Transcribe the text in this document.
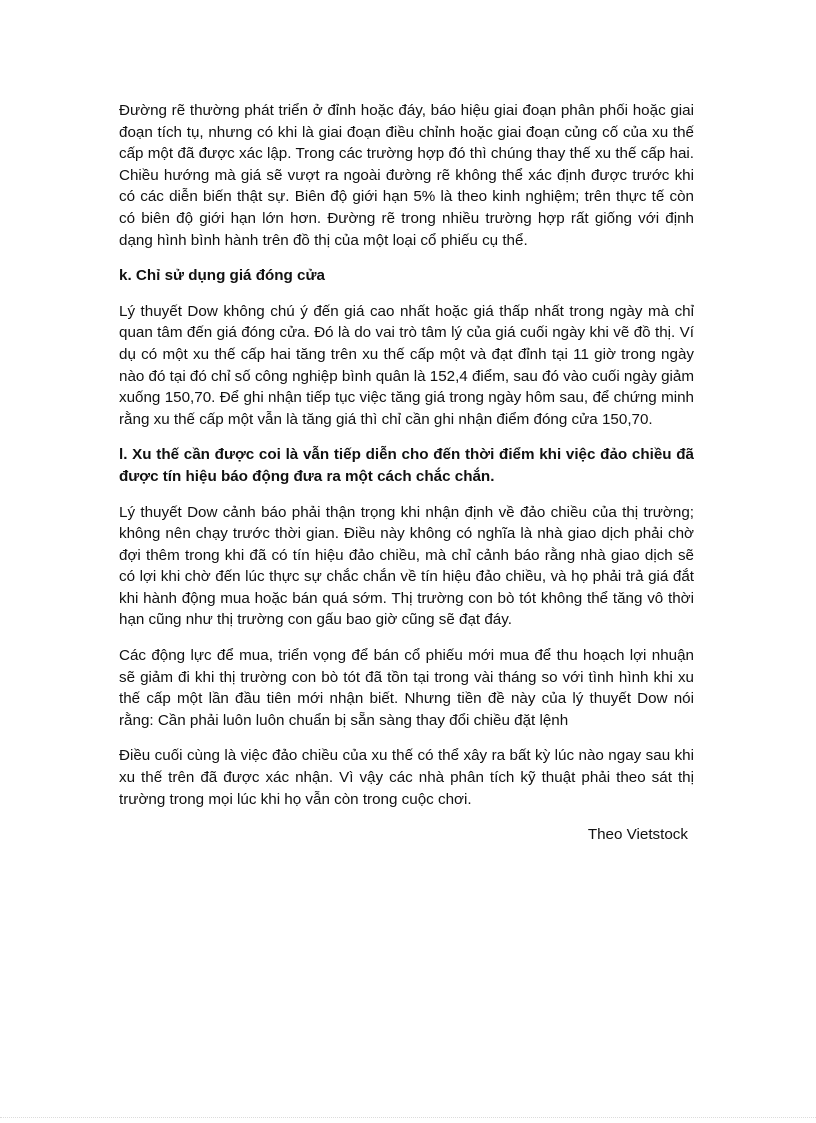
Đường rẽ thường phát triển ở đỉnh hoặc đáy, báo hiệu giai đoạn phân phối hoặc giai đoạn tích tụ, nhưng có khi là giai đoạn điều chỉnh hoặc giai đoạn củng cố của xu thế cấp một đã được xác lập. Trong các trường hợp đó thì chúng thay thế xu thế cấp hai. Chiều hướng mà giá sẽ vượt ra ngoài đường rẽ không thể xác định được trước khi có các diễn biến thật sự. Biên độ giới hạn 5% là theo kinh nghiệm; trên thực tế còn có biên độ giới hạn lớn hơn. Đường rẽ trong nhiều trường hợp rất giống với định dạng hình bình hành trên đồ thị của một loại cổ phiếu cụ thể.

k. Chỉ sử dụng giá đóng cửa

Lý thuyết Dow không chú ý đến giá cao nhất hoặc giá thấp nhất trong ngày mà chỉ quan tâm đến giá đóng cửa. Đó là do vai trò tâm lý của giá cuối ngày khi vẽ đồ thị. Ví dụ có một xu thế cấp hai tăng trên xu thế cấp một và đạt đỉnh tại 11 giờ trong ngày nào đó tại đó chỉ số công nghiệp bình quân là 152,4 điểm, sau đó vào cuối ngày giảm xuống 150,70. Để ghi nhận tiếp tục việc tăng giá trong ngày hôm sau, để chứng minh rằng xu thế cấp một vẫn là tăng giá thì chỉ cần ghi nhận điểm đóng cửa 150,70.

l. Xu thế cần được coi là vẫn tiếp diễn cho đến thời điểm khi việc đảo chiều đã được tín hiệu báo động đưa ra một cách chắc chắn.

Lý thuyết Dow cảnh báo phải thận trọng khi nhận định về đảo chiều của thị trường; không nên chạy trước thời gian. Điều này không có nghĩa là nhà giao dịch phải chờ đợi thêm trong khi đã có tín hiệu đảo chiều, mà chỉ cảnh báo rằng nhà giao dịch sẽ có lợi khi chờ đến lúc thực sự chắc chắn về tín hiệu đảo chiều, và họ phải trả giá đắt khi hành động mua hoặc bán quá sớm. Thị trường con bò tót không thể tăng vô thời hạn cũng như thị trường con gấu bao giờ cũng sẽ đạt đáy.

Các động lực để mua, triển vọng để bán cổ phiếu mới mua để thu hoạch lợi nhuận sẽ giảm đi khi thị trường con bò tót đã tồn tại trong vài tháng so với tình hình khi xu thế cấp một lần đầu tiên mới nhận biết. Nhưng tiền đề này của lý thuyết Dow nói rằng: Cần phải luôn luôn chuẩn bị sẵn sàng thay đổi chiều đặt lệnh

Điều cuối cùng là việc đảo chiều của xu thế có thể xây ra bất kỳ lúc nào ngay sau khi xu thế trên đã được xác nhận. Vì vậy các nhà phân tích kỹ thuật phải theo sát thị trường trong mọi lúc khi họ vẫn còn trong cuộc chơi.

Theo Vietstock
